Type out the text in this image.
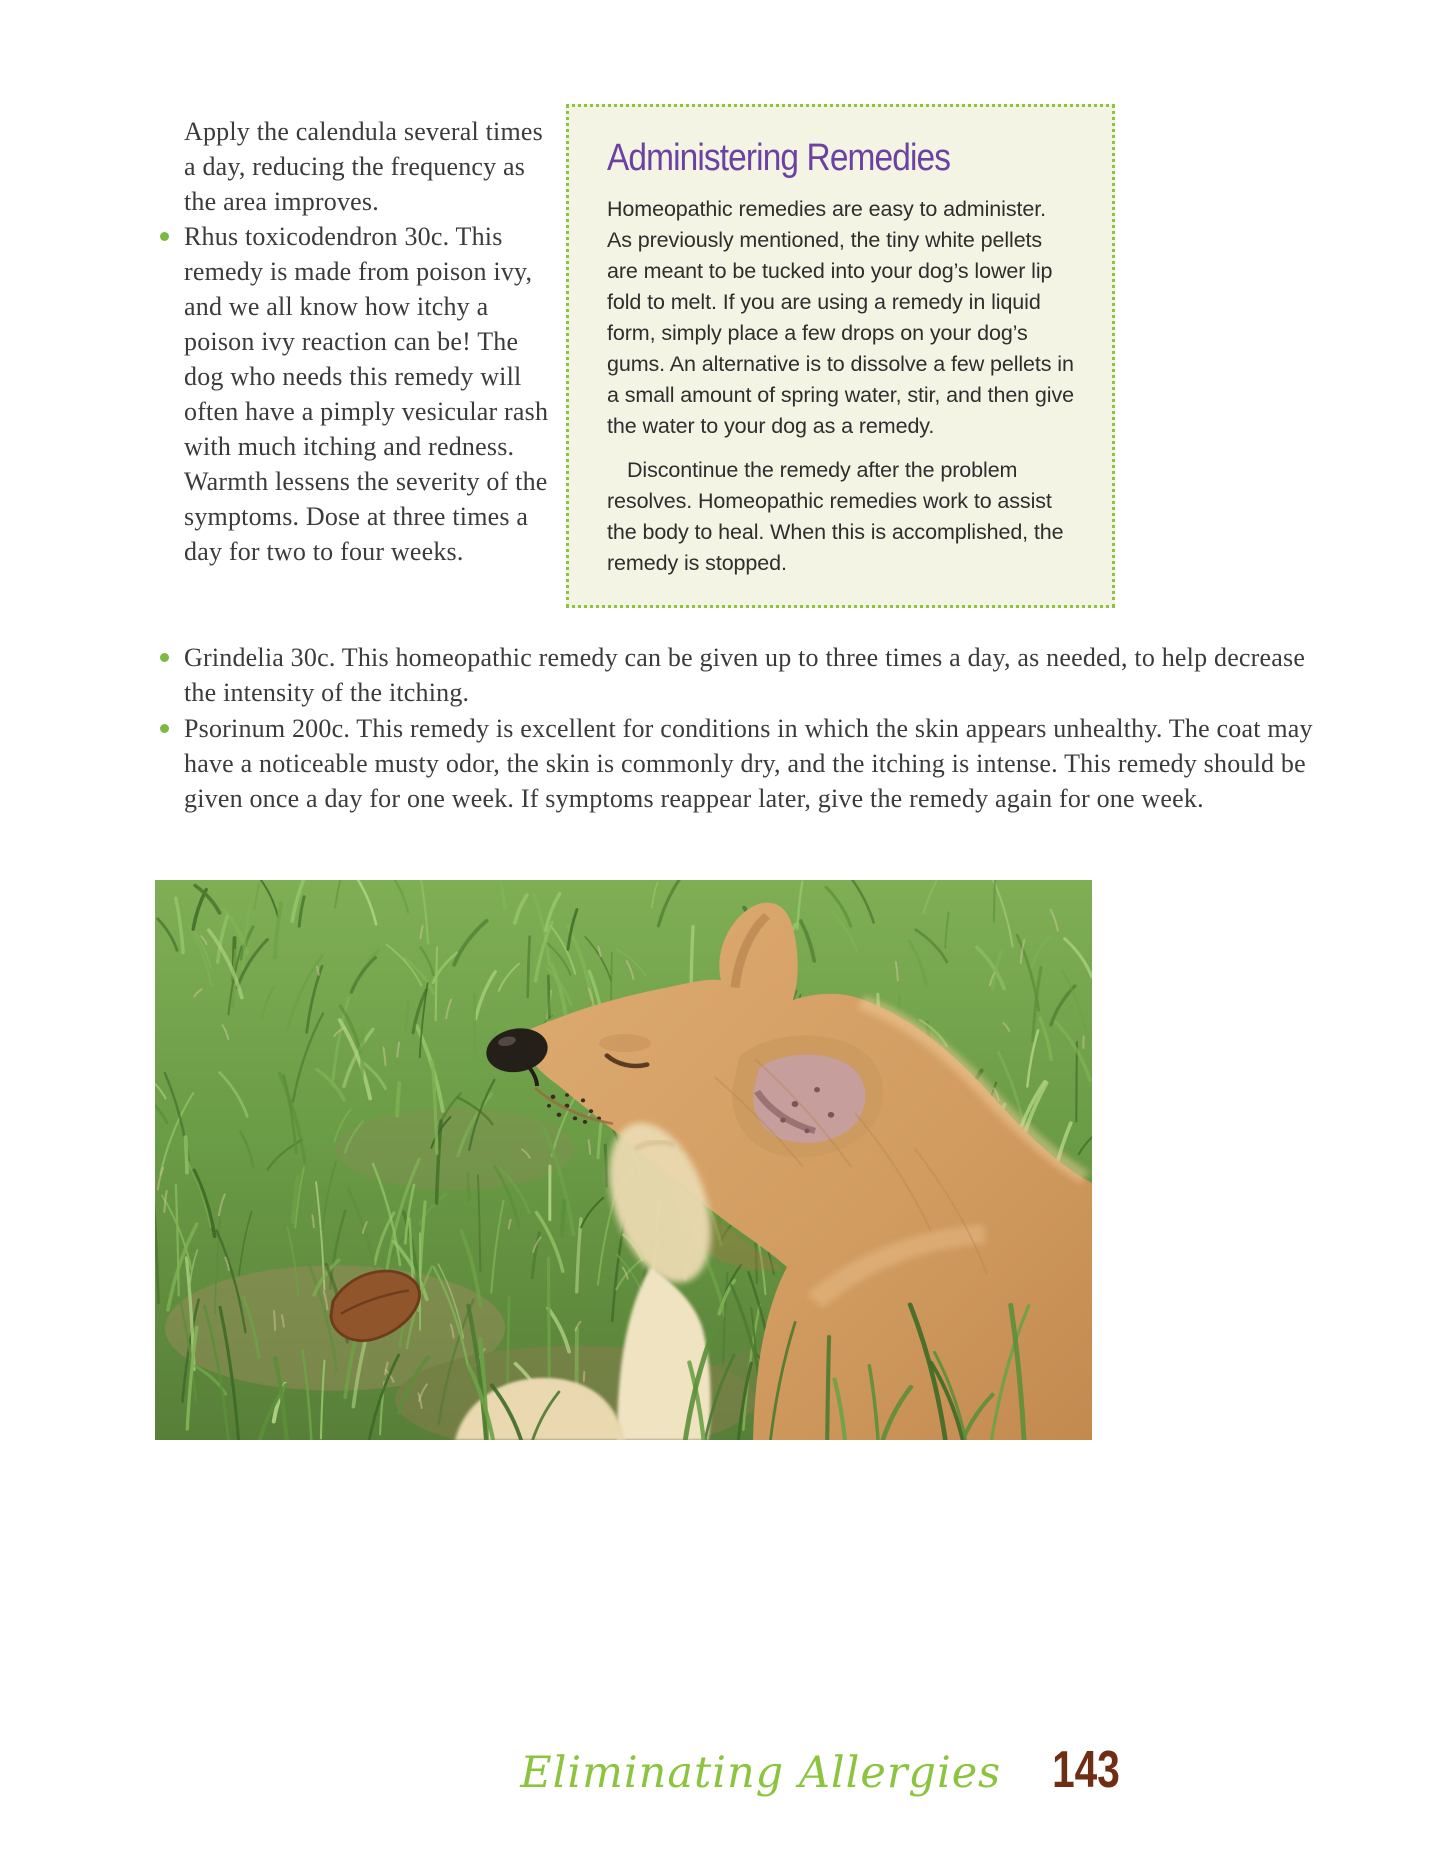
Apply the calendula several times a day, reducing the frequency as the area improves.

Rhus toxicodendron 30c. This remedy is made from poison ivy, and we all know how itchy a poison ivy reaction can be! The dog who needs this remedy will often have a pimply vesicular rash with much itching and redness. Warmth lessens the severity of the symptoms. Dose at three times a day for two to four weeks.
Administering Remedies

Homeopathic remedies are easy to administer. As previously mentioned, the tiny white pellets are meant to be tucked into your dog’s lower lip fold to melt. If you are using a remedy in liquid form, simply place a few drops on your dog’s gums. An alternative is to dissolve a few pellets in a small amount of spring water, stir, and then give the water to your dog as a remedy.

Discontinue the remedy after the problem resolves. Homeopathic remedies work to assist the body to heal. When this is accomplished, the remedy is stopped.

Grindelia 30c. This homeopathic remedy can be given up to three times a day, as needed, to help decrease the intensity of the itching.
Psorinum 200c. This remedy is excellent for conditions in which the skin appears unhealthy. The coat may have a noticeable musty odor, the skin is commonly dry, and the itching is intense. This remedy should be given once a day for one week. If symptoms reappear later, give the remedy again for one week.
Eliminating Allergies 143
